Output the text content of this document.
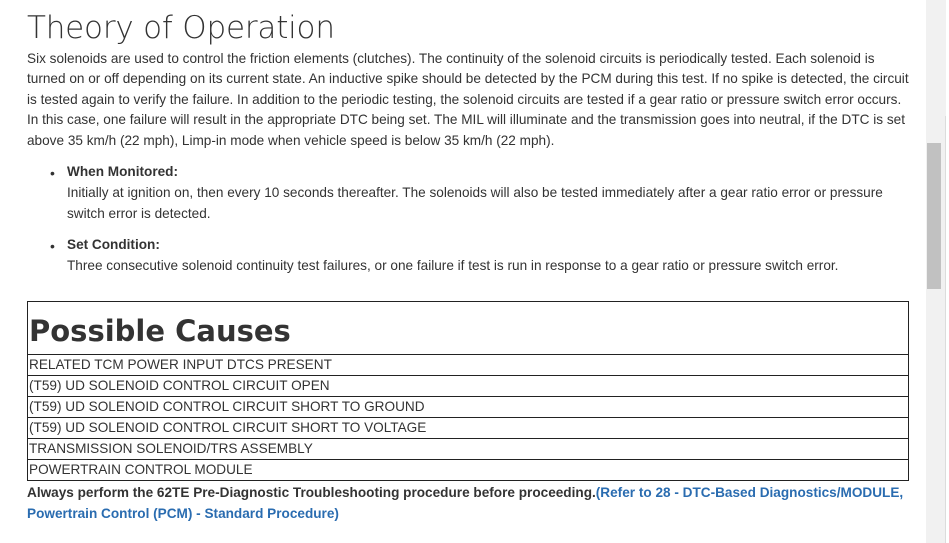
Theory of Operation

Six solenoids are used to control the friction elements (clutches). The continuity of the solenoid circuits is periodically tested. Each solenoid is turned on or off depending on its current state. An inductive spike should be detected by the PCM during this test. If no spike is detected, the circuit is tested again to verify the failure. In addition to the periodic testing, the solenoid circuits are tested if a gear ratio or pressure switch error occurs. In this case, one failure will result in the appropriate DTC being set. The MIL will illuminate and the transmission goes into neutral, if the DTC is set above 35 km/h (22 mph), Limp-in mode when vehicle speed is below 35 km/h (22 mph).

• When Monitored:
Initially at ignition on, then every 10 seconds thereafter. The solenoids will also be tested immediately after a gear ratio error or pressure switch error is detected.
• Set Condition:
Three consecutive solenoid continuity test failures, or one failure if test is run in response to a gear ratio or pressure switch error.
Possible Causes
RELATED TCM POWER INPUT DTCS PRESENT
(T59) UD SOLENOID CONTROL CIRCUIT OPEN
(T59) UD SOLENOID CONTROL CIRCUIT SHORT TO GROUND
(T59) UD SOLENOID CONTROL CIRCUIT SHORT TO VOLTAGE
TRANSMISSION SOLENOID/TRS ASSEMBLY
POWERTRAIN CONTROL MODULE
Always perform the 62TE Pre-Diagnostic Troubleshooting procedure before proceeding.(Refer to 28 - DTC-Based Diagnostics/MODULE, Powertrain Control (PCM) - Standard Procedure)
